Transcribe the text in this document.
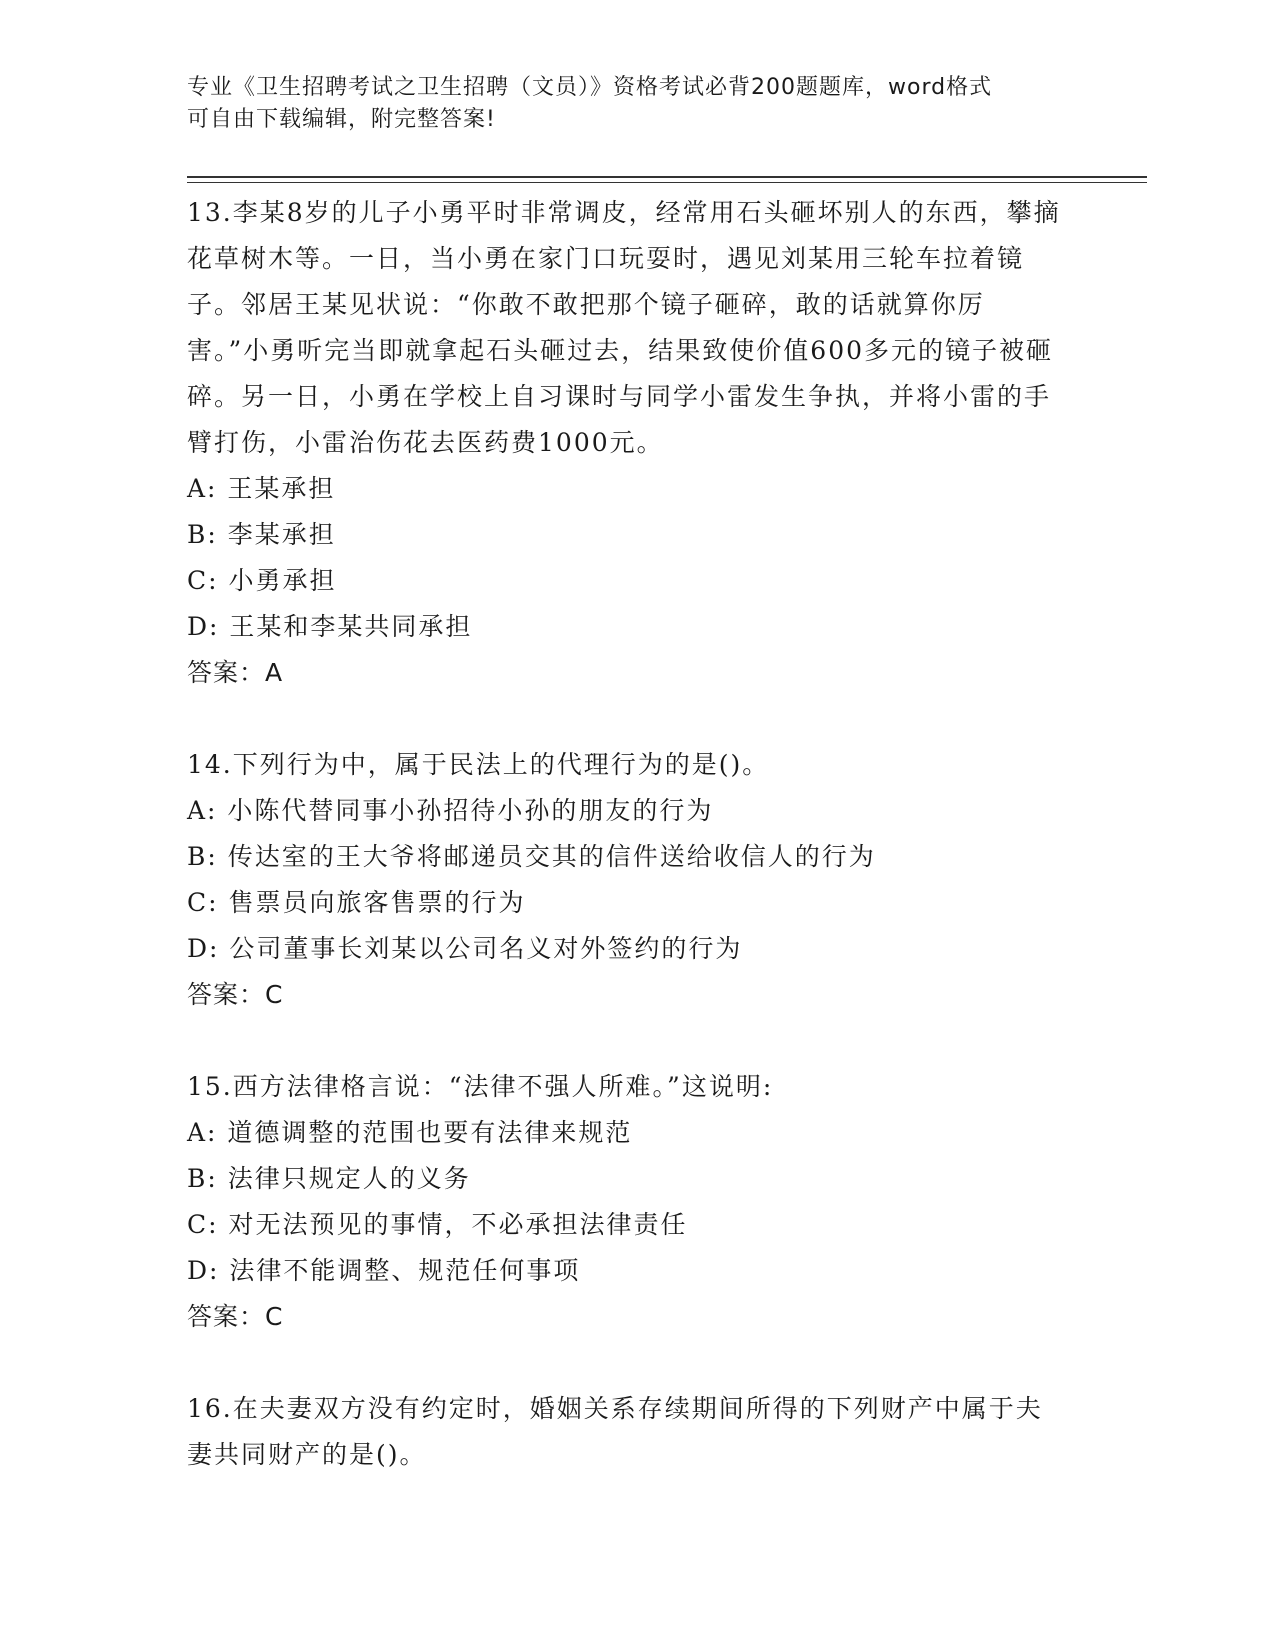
专业《卫生招聘考试之卫生招聘（文员）》资格考试必背200题题库，word格式
可自由下载编辑，附完整答案!
13.李某8岁的儿子小勇平时非常调皮，经常用石头砸坏别人的东西，攀摘花草树木等。一日，当小勇在家门口玩耍时，遇见刘某用三轮车拉着镜子。邻居王某见状说：“你敢不敢把那个镜子砸碎，敢的话就算你厉害。”小勇听完当即就拿起石头砸过去，结果致使价值600多元的镜子被砸碎。另一日，小勇在学校上自习课时与同学小雷发生争执，并将小雷的手臂打伤，小雷治伤花去医药费1000元。
A: 王某承担
B: 李某承担
C: 小勇承担
D: 王某和李某共同承担
答案：A
14.下列行为中，属于民法上的代理行为的是()。
A: 小陈代替同事小孙招待小孙的朋友的行为
B: 传达室的王大爷将邮递员交其的信件送给收信人的行为
C: 售票员向旅客售票的行为
D: 公司董事长刘某以公司名义对外签约的行为
答案：C
15.西方法律格言说：“法律不强人所难。”这说明:
A: 道德调整的范围也要有法律来规范
B: 法律只规定人的义务
C: 对无法预见的事情，不必承担法律责任
D: 法律不能调整、规范任何事项
答案：C
16.在夫妻双方没有约定时，婚姻关系存续期间所得的下列财产中属于夫妻共同财产的是()。
